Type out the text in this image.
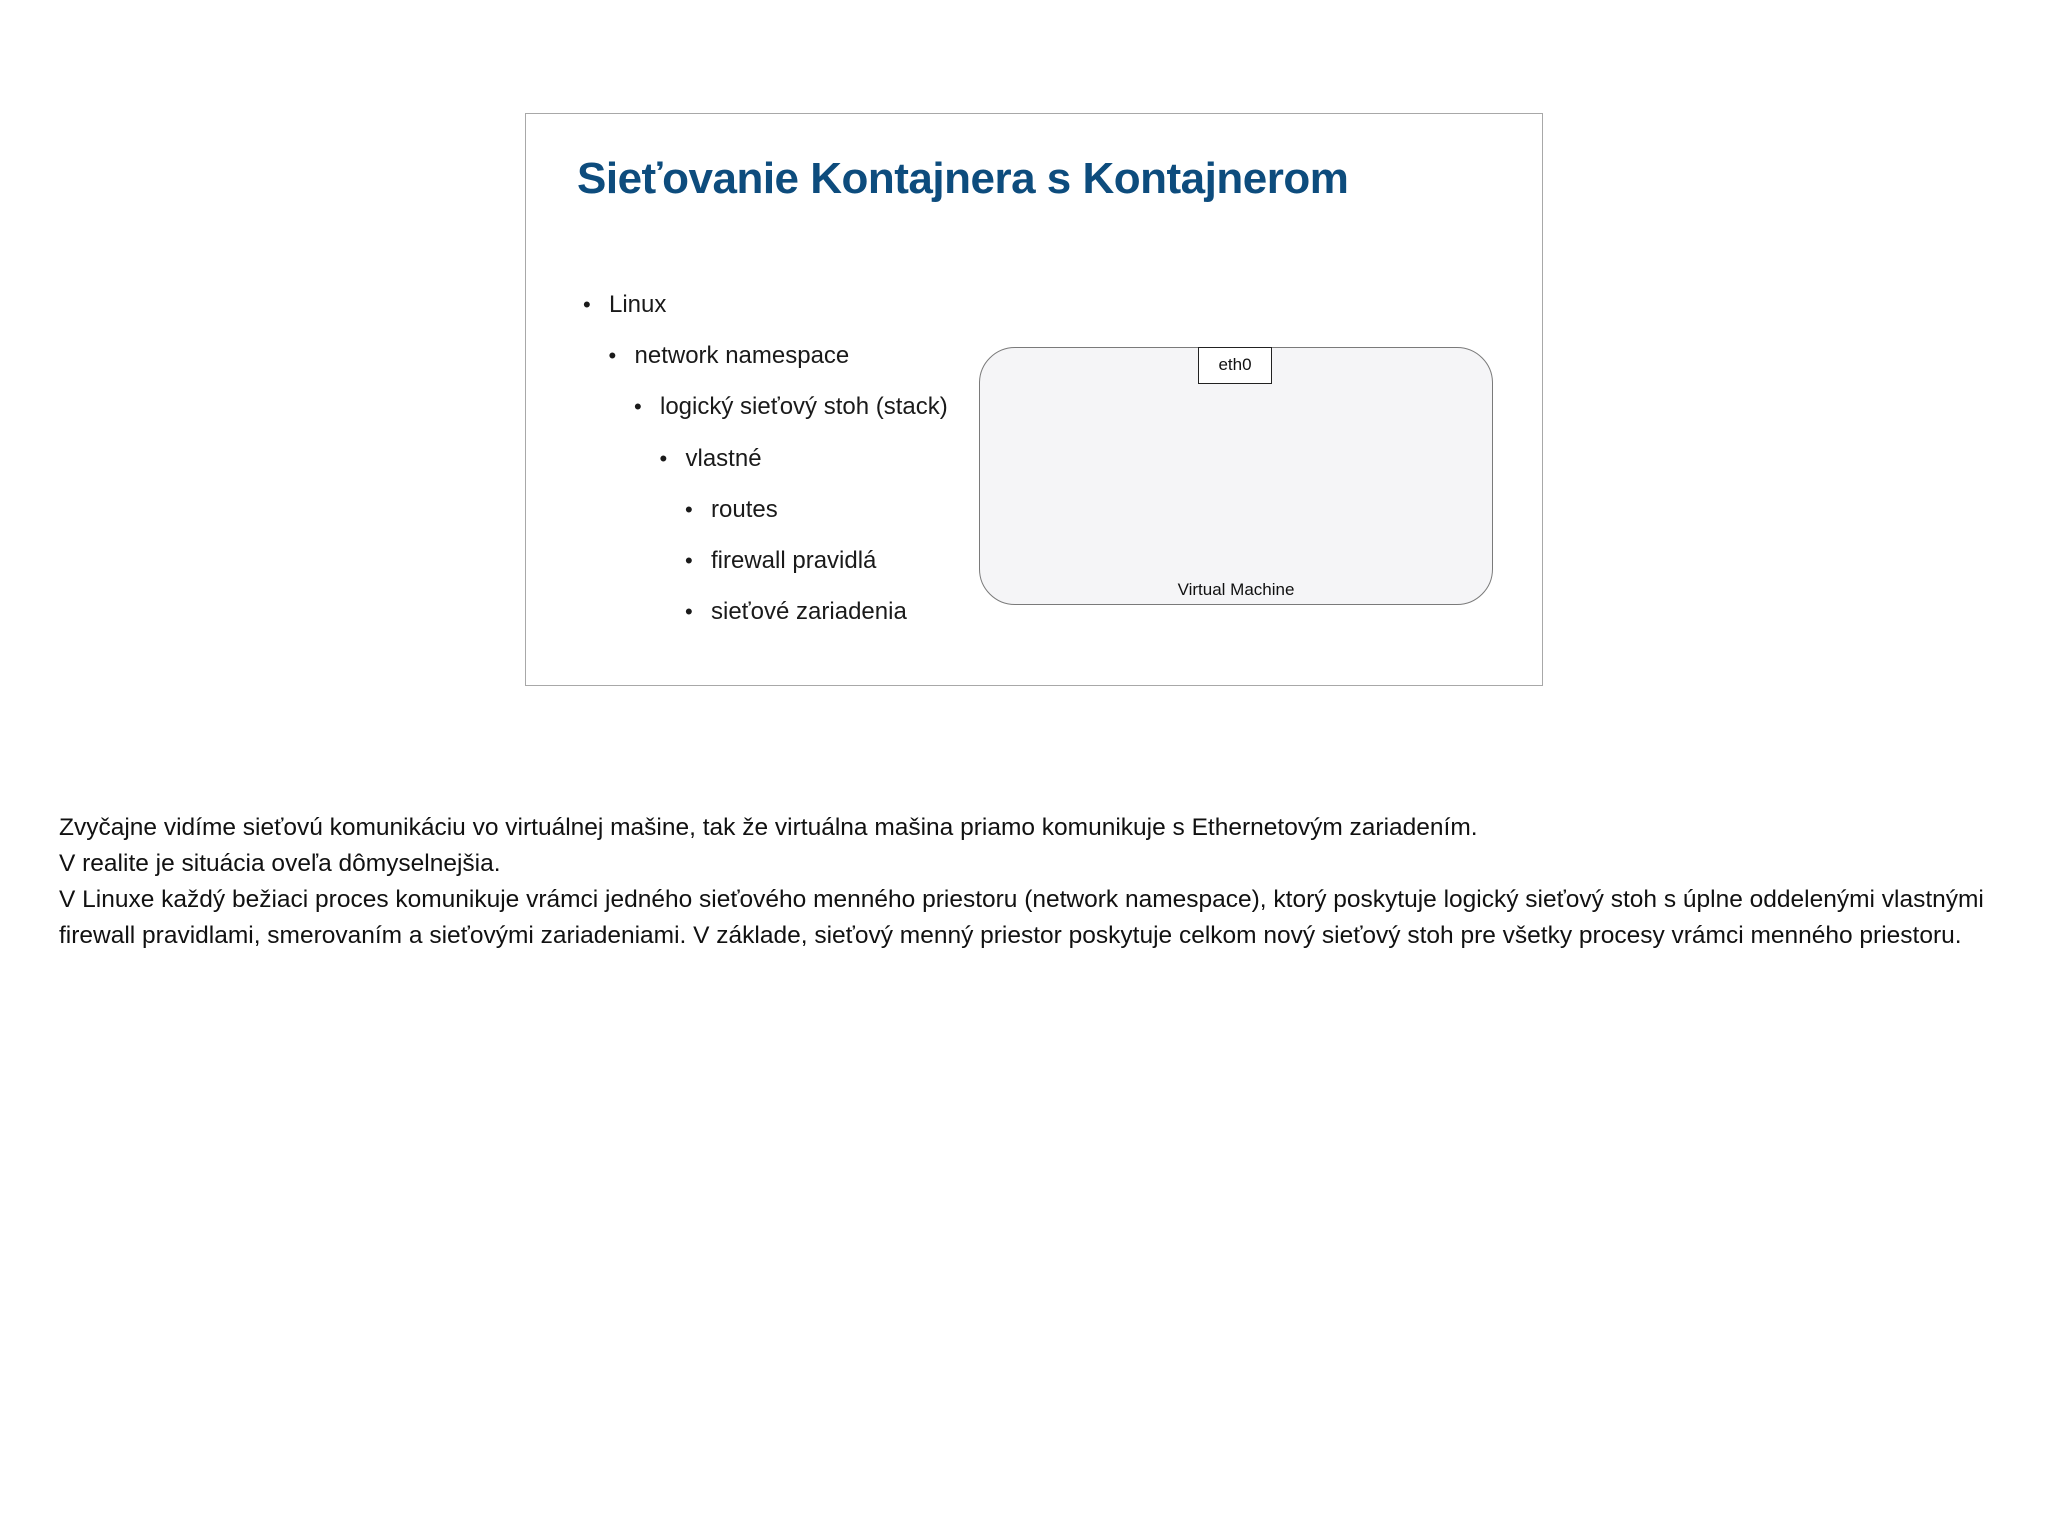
Sieťovanie Kontajnera s Kontajnerom
• Linux
• network namespace
• logický sieťový stoh (stack)
• vlastné
• routes
• firewall pravidlá
• sieťové zariadenia
eth0
Virtual Machine

Zvyčajne vidíme sieťovú komunikáciu vo virtuálnej mašine, tak že virtuálna mašina priamo komunikuje s Ethernetovým zariadením.

V realite je situácia oveľa dômyselnejšia.

V Linuxe každý bežiaci proces komunikuje vrámci jedného sieťového menného priestoru (network namespace), ktorý poskytuje logický sieťový stoh s úplne oddelenými vlastnými firewall pravidlami, smerovaním a sieťovými zariadeniami. V základe, sieťový menný priestor poskytuje celkom nový sieťový stoh pre všetky procesy vrámci menného priestoru.
